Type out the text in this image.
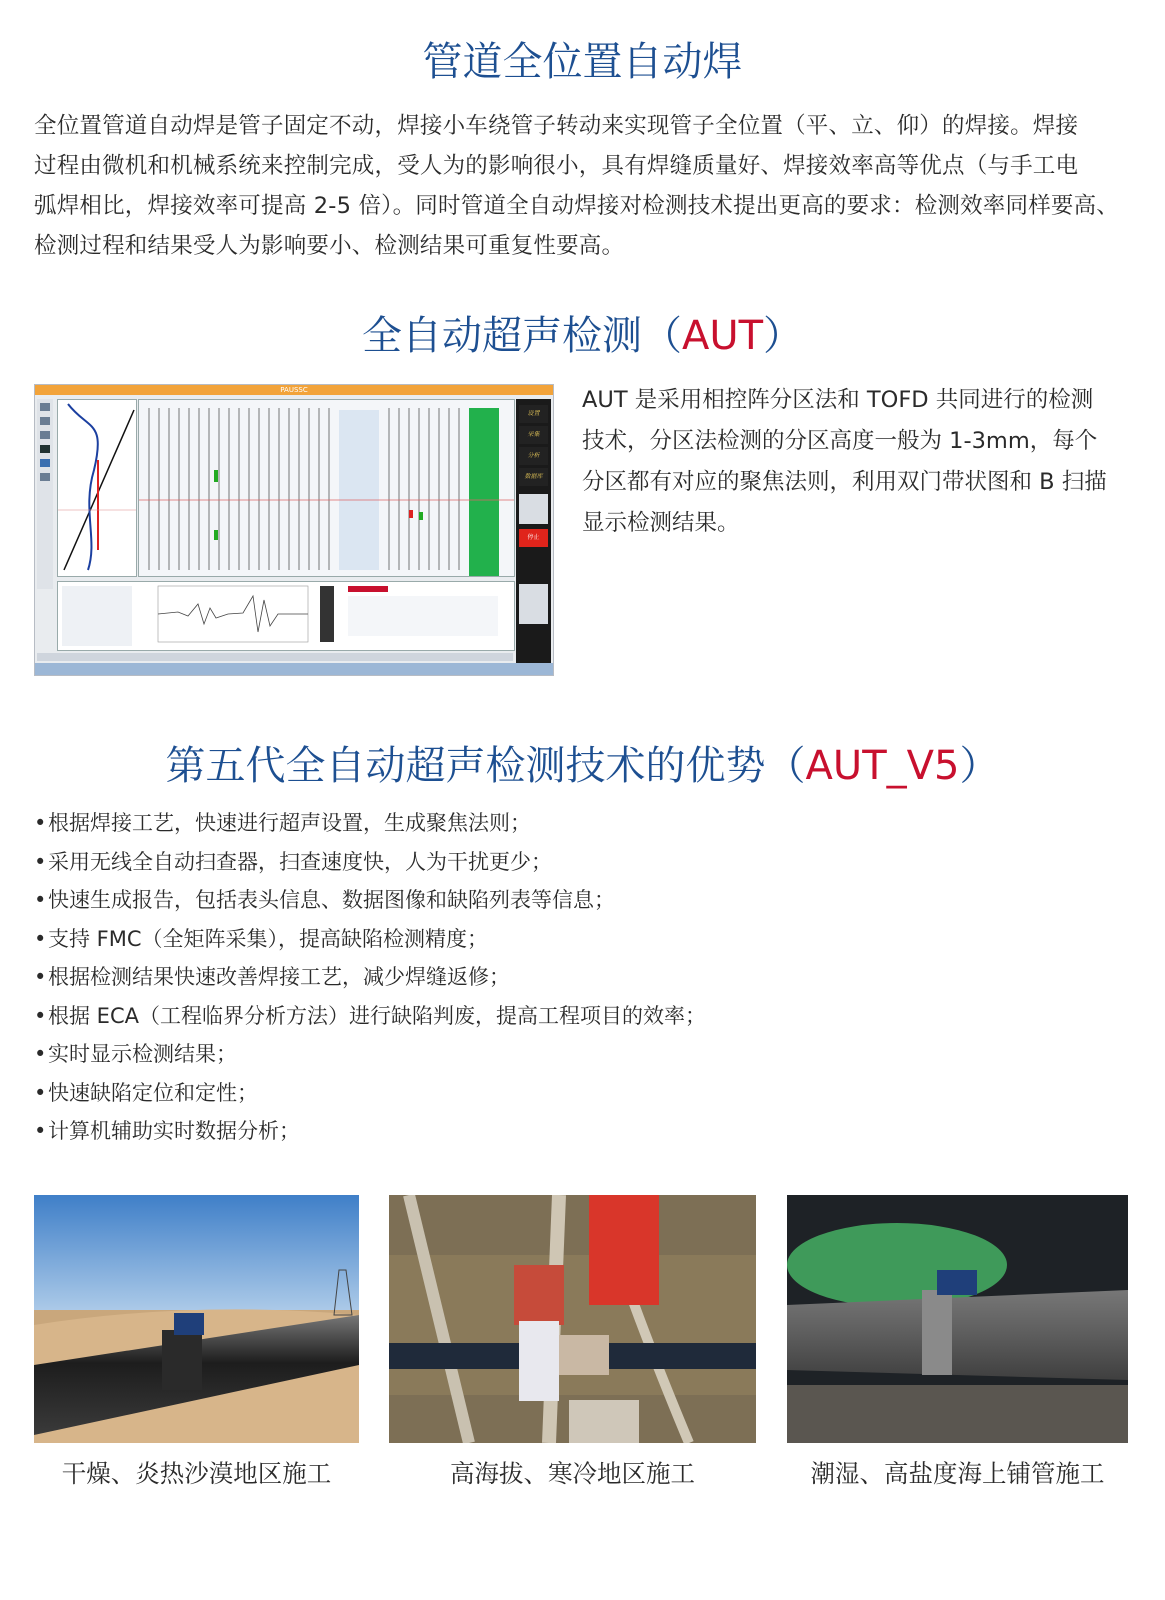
管道全位置自动焊
全位置管道自动焊是管子固定不动，焊接小车绕管子转动来实现管子全位置（平、立、仰）的焊接。焊接
过程由微机和机械系统来控制完成，受人为的影响很小，具有焊缝质量好、焊接效率高等优点（与手工电
弧焊相比，焊接效率可提高 2-5 倍）。同时管道全自动焊接对检测技术提出更高的要求：检测效率同样要高、
检测过程和结果受人为影响要小、检测结果可重复性要高。
全自动超声检测（AUT）
PAUSSC
设置
采集
分析
数据库
停止
AUT 是采用相控阵分区法和 TOFD 共同进行的检测
技术，分区法检测的分区高度一般为 1-3mm，每个
分区都有对应的聚焦法则，利用双门带状图和 B 扫描
显示检测结果。
第五代全自动超声检测技术的优势（AUT_V5）
•根据焊接工艺，快速进行超声设置，生成聚焦法则；
•采用无线全自动扫查器，扫查速度快，人为干扰更少；
•快速生成报告，包括表头信息、数据图像和缺陷列表等信息；
•支持 FMC（全矩阵采集），提高缺陷检测精度；
•根据检测结果快速改善焊接工艺，减少焊缝返修；
•根据 ECA（工程临界分析方法）进行缺陷判废，提高工程项目的效率；
•实时显示检测结果；
•快速缺陷定位和定性；
•计算机辅助实时数据分析；
干燥、炎热沙漠地区施工	高海拔、寒冷地区施工	潮湿、高盐度海上铺管施工
